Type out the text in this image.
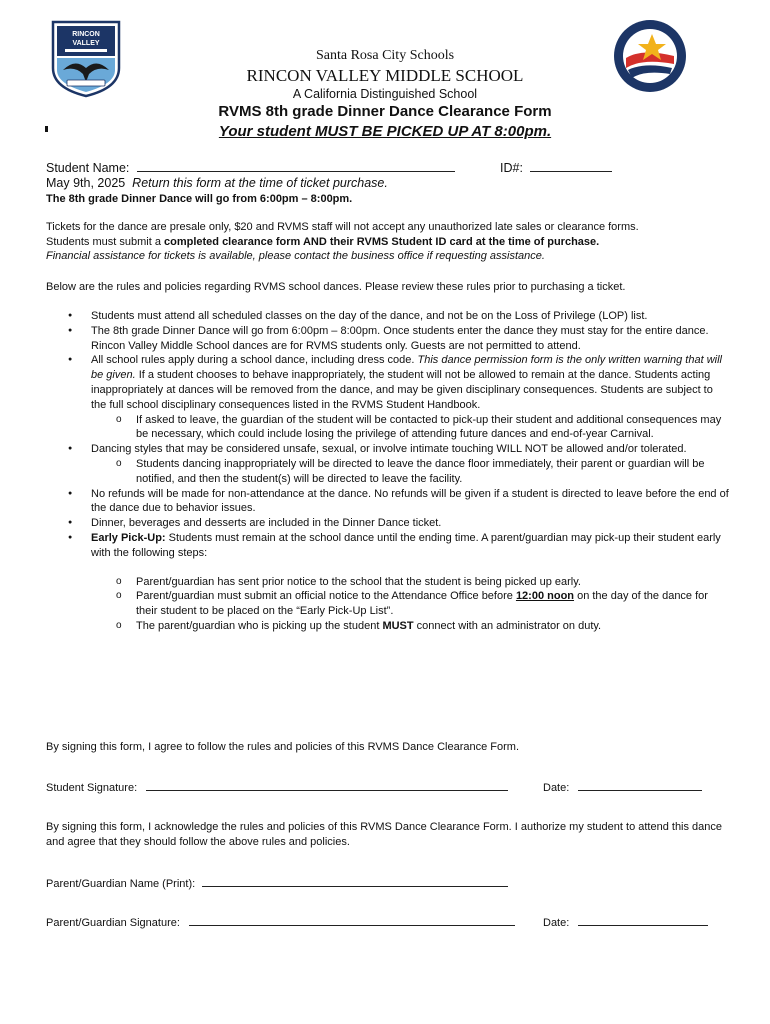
RINCON
VALLEY
Santa Rosa City Schools
RINCON VALLEY MIDDLE SCHOOL
A California Distinguished School
RVMS 8th grade Dinner Dance Clearance Form
Your student MUST BE PICKED UP AT 8:00pm.
Student Name:	ID#:
May 9th, 2025 Return this form at the time of ticket purchase.
The 8th grade Dinner Dance will go from 6:00pm – 8:00pm.
Tickets for the dance are presale only, $20 and RVMS staff will not accept any unauthorized late sales or clearance forms.
Students must submit a completed clearance form AND their RVMS Student ID card at the time of purchase.
Financial assistance for tickets is available, please contact the business office if requesting assistance.
Below are the rules and policies regarding RVMS school dances. Please review these rules prior to purchasing a ticket.
● Students must attend all scheduled classes on the day of the dance, and not be on the Loss of Privilege (LOP) list.
● The 8th grade Dinner Dance will go from 6:00pm – 8:00pm. Once students enter the dance they must stay for the entire dance. Rincon Valley Middle School dances are for RVMS students only. Guests are not permitted to attend.
● All school rules apply during a school dance, including dress code. This dance permission form is the only written warning that will be given. If a student chooses to behave inappropriately, the student will not be allowed to remain at the dance. Students acting inappropriately at dances will be removed from the dance, and may be given disciplinary consequences. Students are subject to the full school disciplinary consequences listed in the RVMS Student Handbook.
o If asked to leave, the guardian of the student will be contacted to pick-up their student and additional consequences may be necessary, which could include losing the privilege of attending future dances and end-of-year Carnival.
● Dancing styles that may be considered unsafe, sexual, or involve intimate touching WILL NOT be allowed and/or tolerated.
o Students dancing inappropriately will be directed to leave the dance floor immediately, their parent or guardian will be notified, and then the student(s) will be directed to leave the facility.
● No refunds will be made for non-attendance at the dance. No refunds will be given if a student is directed to leave before the end of the dance due to behavior issues.
● Dinner, beverages and desserts are included in the Dinner Dance ticket.
● Early Pick-Up: Students must remain at the school dance until the ending time. A parent/guardian may pick-up their student early with the following steps:
o Parent/guardian has sent prior notice to the school that the student is being picked up early.
o Parent/guardian must submit an official notice to the Attendance Office before 12:00 noon on the day of the dance for their student to be placed on the “Early Pick-Up List”.
o The parent/guardian who is picking up the student MUST connect with an administrator on duty.
By signing this form, I agree to follow the rules and policies of this RVMS Dance Clearance Form.
Student Signature:	Date:
By signing this form, I acknowledge the rules and policies of this RVMS Dance Clearance Form. I authorize my student to attend this dance and agree that they should follow the above rules and policies.
Parent/Guardian Name (Print):
Parent/Guardian Signature:	Date:
